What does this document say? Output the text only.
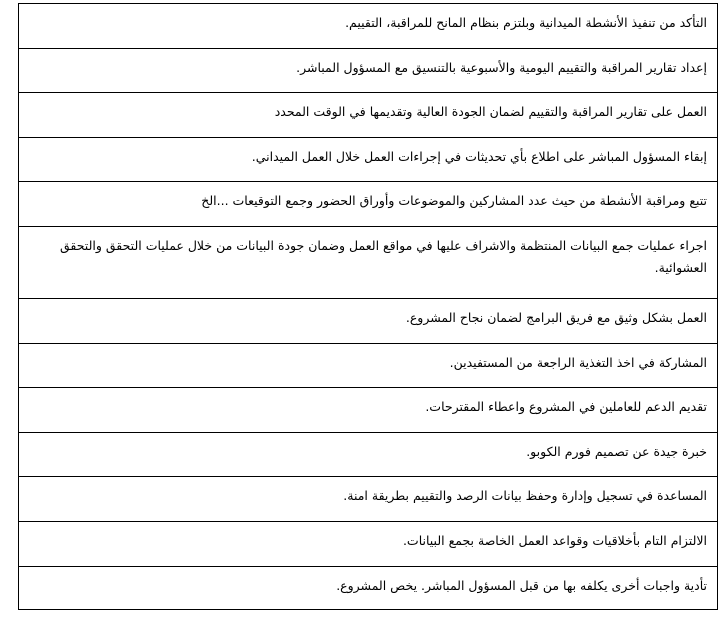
التأكد من تنفيذ الأنشطة الميدانية وبلتزم بنظام المانح للمراقبة، التقييم.
إعداد تقارير المراقبة والتقييم اليومية والأسبوعية بالتنسيق مع المسؤول المباشر.
العمل على تقارير المراقبة والتقييم لضمان الجودة العالية وتقديمها في الوقت المحدد
إبقاء المسؤول المباشر على اطلاع بأي تحديثات في إجراءات العمل خلال العمل الميداني.
تتبع ومراقبة الأنشطة من حيث عدد المشاركين والموضوعات وأوراق الحضور وجمع التوقيعات ...الخ
اجراء عمليات جمع البيانات المنتظمة والاشراف عليها في مواقع العمل وضمان جودة البيانات من خلال عمليات التحقق والتحقق العشوائية.
العمل بشكل وثيق مع فريق البرامج لضمان نجاح المشروع.
المشاركة في اخذ التغذية الراجعة من المستفيدين.
تقديم الدعم للعاملين في المشروع واعطاء المقترحات.
خبرة جيدة عن تصميم فورم الكوبو.
المساعدة في تسجيل وإدارة وحفظ بيانات الرصد والتقييم بطريقة امنة.
الالتزام التام بأخلاقيات وقواعد العمل الخاصة بجمع البيانات.
تأدية واجبات أخرى يكلفه بها من قبل المسؤول المباشر. يخص المشروع.
